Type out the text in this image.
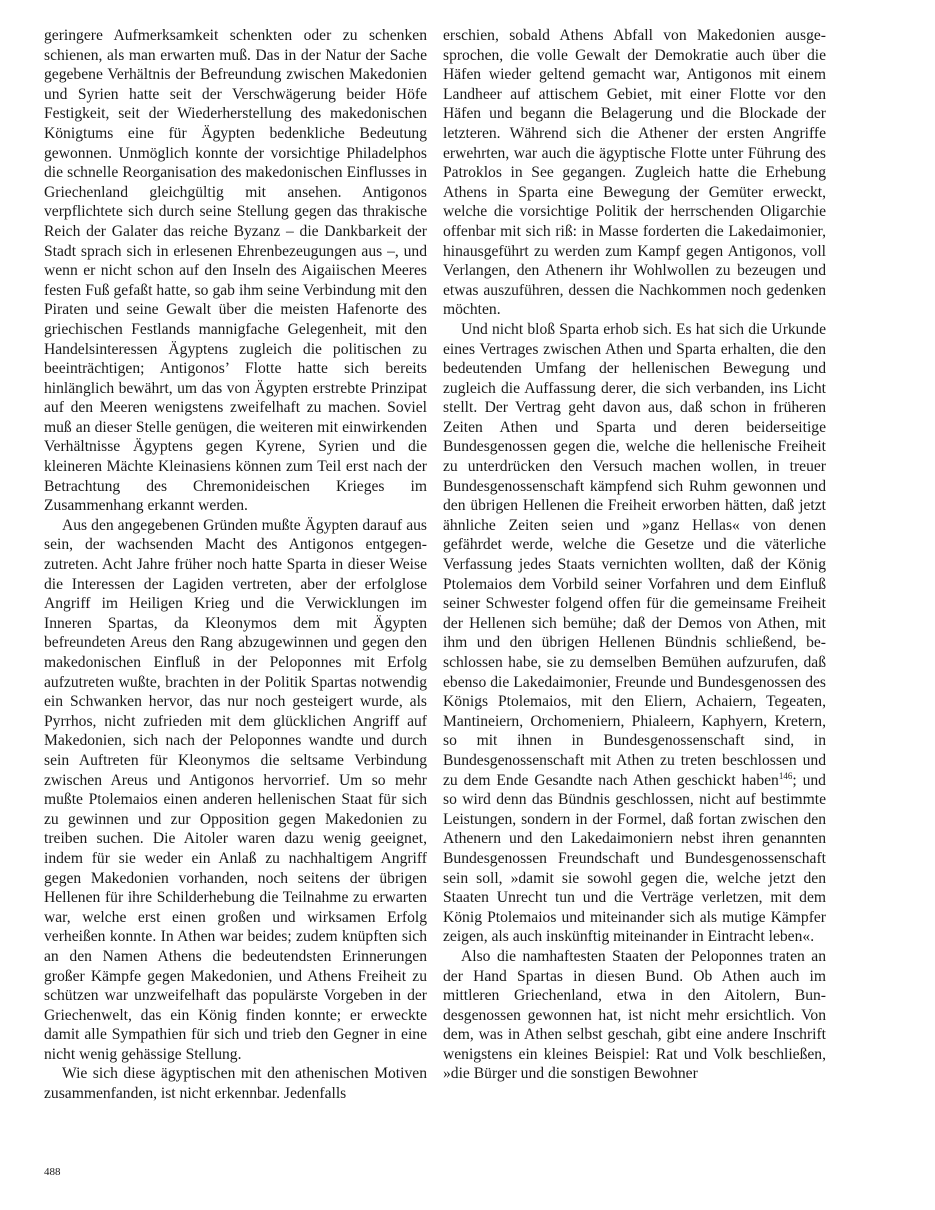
geringere Aufmerksamkeit schenkten oder zu schenken schienen, als man erwarten muß. Das in der Natur der Sache gegebene Verhältnis der Befreundung zwischen Makedonien und Syrien hatte seit der Verschwägerung beider Höfe Festigkeit, seit der Wiederherstellung des makedonischen Königtums eine für Ägypten bedenkliche Bedeutung gewonnen. Unmöglich konnte der vorsichtige Philadelphos die schnelle Reorganisation des makedonischen Einflusses in Griechenland gleichgültig mit ansehen. Antigonos verpflichtete sich durch seine Stellung gegen das thrakische Reich der Galater das reiche Byzanz – die Dankbarkeit der Stadt sprach sich in erlesenen Ehrenbezeugungen aus –, und wenn er nicht schon auf den Inseln des Aigaiischen Meeres festen Fuß gefaßt hatte, so gab ihm seine Verbindung mit den Piraten und seine Gewalt über die meisten Hafenorte des griechischen Festlands mannigfache Gelegenheit, mit den Handelsinteressen Ägyptens zugleich die politischen zu beeinträchtigen; Antigonos’ Flotte hatte sich bereits hinlänglich bewährt, um das von Ägypten erstrebte Prinzipat auf den Meeren wenigstens zweifelhaft zu machen. Soviel muß an dieser Stelle genügen, die weiteren mit einwirkenden Verhältnisse Ägyptens gegen Kyrene, Syrien und die kleineren Mächte Kleinasiens können zum Teil erst nach der Betrachtung des Chremonideischen Krieges im Zusammenhang erkannt werden.

Aus den angegebenen Gründen mußte Ägypten darauf aus sein, der wachsenden Macht des Antigonos entgegenzutreten. Acht Jahre früher noch hatte Sparta in dieser Weise die Interessen der Lagiden vertreten, aber der erfolglose Angriff im Heiligen Krieg und die Verwicklungen im Inneren Spartas, da Kleonymos dem mit Ägypten befreundeten Areus den Rang abzugewinnen und gegen den makedonischen Einfluß in der Peloponnes mit Erfolg aufzutreten wußte, brachten in der Politik Spartas notwendig ein Schwanken hervor, das nur noch gesteigert wurde, als Pyrrhos, nicht zufrieden mit dem glücklichen Angriff auf Makedonien, sich nach der Peloponnes wandte und durch sein Auftreten für Kleonymos die seltsame Verbindung zwischen Areus und Antigonos hervorrief. Um so mehr mußte Ptolemaios einen anderen hellenischen Staat für sich zu gewinnen und zur Opposition gegen Makedonien zu treiben suchen. Die Aitoler waren dazu wenig geeignet, indem für sie weder ein Anlaß zu nachhaltigem Angriff gegen Makedonien vorhanden, noch seitens der übrigen Hellenen für ihre Schilderhebung die Teilnahme zu erwarten war, welche erst einen großen und wirksamen Erfolg verheißen konnte. In Athen war beides; zudem knüpften sich an den Namen Athens die bedeutendsten Erinnerungen großer Kämpfe gegen Makedonien, und Athens Freiheit zu schützen war unzweifelhaft das populärste Vorgeben in der Griechenwelt, das ein König finden konnte; er erweckte damit alle Sympathien für sich und trieb den Gegner in eine nicht wenig gehässige Stellung.

Wie sich diese ägyptischen mit den athenischen Motiven zusammenfanden, ist nicht erkennbar. Jedenfalls

erschien, sobald Athens Abfall von Makedonien ausgesprochen, die volle Gewalt der Demokratie auch über die Häfen wieder geltend gemacht war, Antigonos mit einem Landheer auf attischem Gebiet, mit einer Flotte vor den Häfen und begann die Belagerung und die Blockade der letzteren. Während sich die Athener der ersten Angriffe erwehrten, war auch die ägyptische Flotte unter Führung des Patroklos in See gegangen. Zugleich hatte die Erhebung Athens in Sparta eine Bewegung der Gemüter erweckt, welche die vorsichtige Politik der herrschenden Oligarchie offenbar mit sich riß: in Masse forderten die Lakedaimonier, hinausgeführt zu werden zum Kampf gegen Antigonos, voll Verlangen, den Athenern ihr Wohlwollen zu bezeugen und etwas auszuführen, dessen die Nachkommen noch gedenken möchten.

Und nicht bloß Sparta erhob sich. Es hat sich die Urkunde eines Vertrages zwischen Athen und Sparta erhalten, die den bedeutenden Umfang der hellenischen Bewegung und zugleich die Auffassung derer, die sich verbanden, ins Licht stellt. Der Vertrag geht davon aus, daß schon in früheren Zeiten Athen und Sparta und deren beiderseitige Bundesgenossen gegen die, welche die hellenische Freiheit zu unterdrücken den Versuch machen wollen, in treuer Bundesgenossenschaft kämpfend sich Ruhm gewonnen und den übrigen Hellenen die Freiheit erworben hätten, daß jetzt ähnliche Zeiten seien und »ganz Hellas« von denen gefährdet werde, welche die Gesetze und die väterliche Verfassung jedes Staats vernichten wollten, daß der König Ptolemaios dem Vorbild seiner Vorfahren und dem Einfluß seiner Schwester folgend offen für die gemeinsame Freiheit der Hellenen sich bemühe; daß der Demos von Athen, mit ihm und den übrigen Hellenen Bündnis schließend, beschlossen habe, sie zu demselben Bemühen aufzurufen, daß ebenso die Lakedaimonier, Freunde und Bundesgenossen des Königs Ptolemaios, mit den Eliern, Achaiern, Tegeaten, Mantineiern, Orchomeniern, Phialeern, Kaphyern, Kretern, so mit ihnen in Bundesgenossenschaft sind, in Bundesgenossenschaft mit Athen zu treten beschlossen und zu dem Ende Gesandte nach Athen geschickt haben$^{146}$; und so wird denn das Bündnis geschlossen, nicht auf bestimmte Leistungen, sondern in der Formel, daß fortan zwischen den Athenern und den Lakedaimoniern nebst ihren genannten Bundesgenossen Freundschaft und Bundesgenossenschaft sein soll, »damit sie sowohl gegen die, welche jetzt den Staaten Unrecht tun und die Verträge verletzen, mit dem König Ptolemaios und miteinander sich als mutige Kämpfer zeigen, als auch inskünftig miteinander in Eintracht leben«.

Also die namhaftesten Staaten der Peloponnes traten an der Hand Spartas in diesen Bund. Ob Athen auch im mittleren Griechenland, etwa in den Aitolern, Bundesgenossen gewonnen hat, ist nicht mehr ersichtlich. Von dem, was in Athen selbst geschah, gibt eine andere Inschrift wenigstens ein kleines Beispiel: Rat und Volk beschließen, »die Bürger und die sonstigen Bewohner

488
